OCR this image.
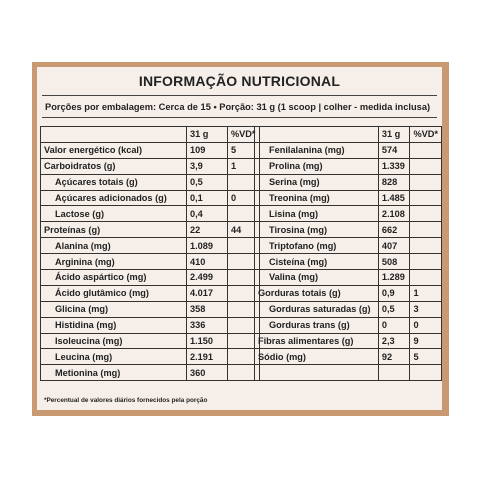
INFORMAÇÃO NUTRICIONAL
Porções por embalagem: Cerca de 15 • Porção: 31 g (1 scoop | colher - medida inclusa)
	31 g	%VD*
Valor energético (kcal)	109	5
Carboidratos (g)	3,9	1
Açúcares totais (g)	0,5	
Açúcares adicionados (g)	0,1	0
Lactose (g)	0,4	
Proteínas (g)	22	44
Alanina (mg)	1.089	
Arginina (mg)	410	
Ácido aspártico (mg)	2.499	
Ácido glutâmico (mg)	4.017	
Glicina (mg)	358	
Histidina (mg)	336	
Isoleucina (mg)	1.150	
Leucina (mg)	2.191	
Metionina (mg)	360	
	31 g	%VD*
Fenilalanina (mg)	574	
Prolina (mg)	1.339	
Serina (mg)	828	
Treonina (mg)	1.485	
Lisina (mg)	2.108	
Tirosina (mg)	662	
Triptofano (mg)	407	
Cisteína (mg)	508	
Valina (mg)	1.289	
Gorduras totais (g)	0,9	1
Gorduras saturadas (g)	0,5	3
Gorduras trans (g)	0	0
Fibras alimentares (g)	2,3	9
Sódio (mg)	92	5

*Percentual de valores diários fornecidos pela porção
